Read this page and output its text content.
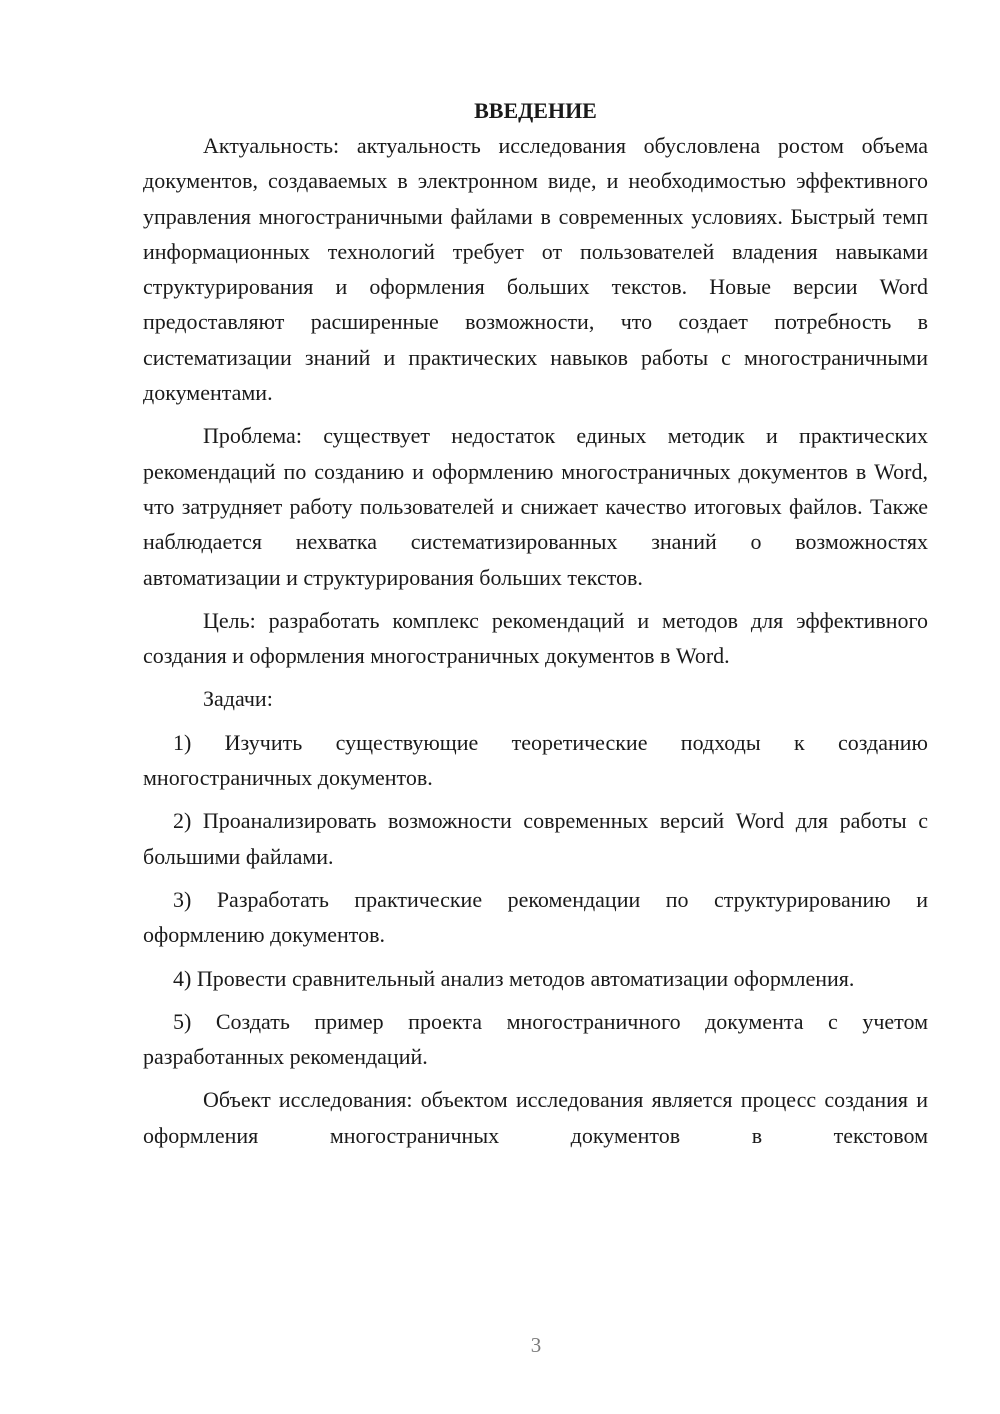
ВВЕДЕНИЕ

Актуальность: актуальность исследования обусловлена ростом объема документов, создаваемых в электронном виде, и необходимостью эффективного управления многостраничными файлами в современных условиях. Быстрый темп информационных технологий требует от пользователей владения навыками структурирования и оформления больших текстов. Новые версии Word предоставляют расширенные возможности, что создает потребность в систематизации знаний и практических навыков работы с многостраничными документами.

Проблема: существует недостаток единых методик и практических рекомендаций по созданию и оформлению многостраничных документов в Word, что затрудняет работу пользователей и снижает качество итоговых файлов. Также наблюдается нехватка систематизированных знаний о возможностях автоматизации и структурирования больших текстов.

Цель: разработать комплекс рекомендаций и методов для эффективного создания и оформления многостраничных документов в Word.

Задачи:

1) Изучить существующие теоретические подходы к созданию многостраничных документов.

2) Проанализировать возможности современных версий Word для работы с большими файлами.

3) Разработать практические рекомендации по структурированию и оформлению документов.

4) Провести сравнительный анализ методов автоматизации оформления.

5) Создать пример проекта многостраничного документа с учетом разработанных рекомендаций.

Объект исследования: объектом исследования является процесс создания и оформления многостраничных документов в текстовом

3
